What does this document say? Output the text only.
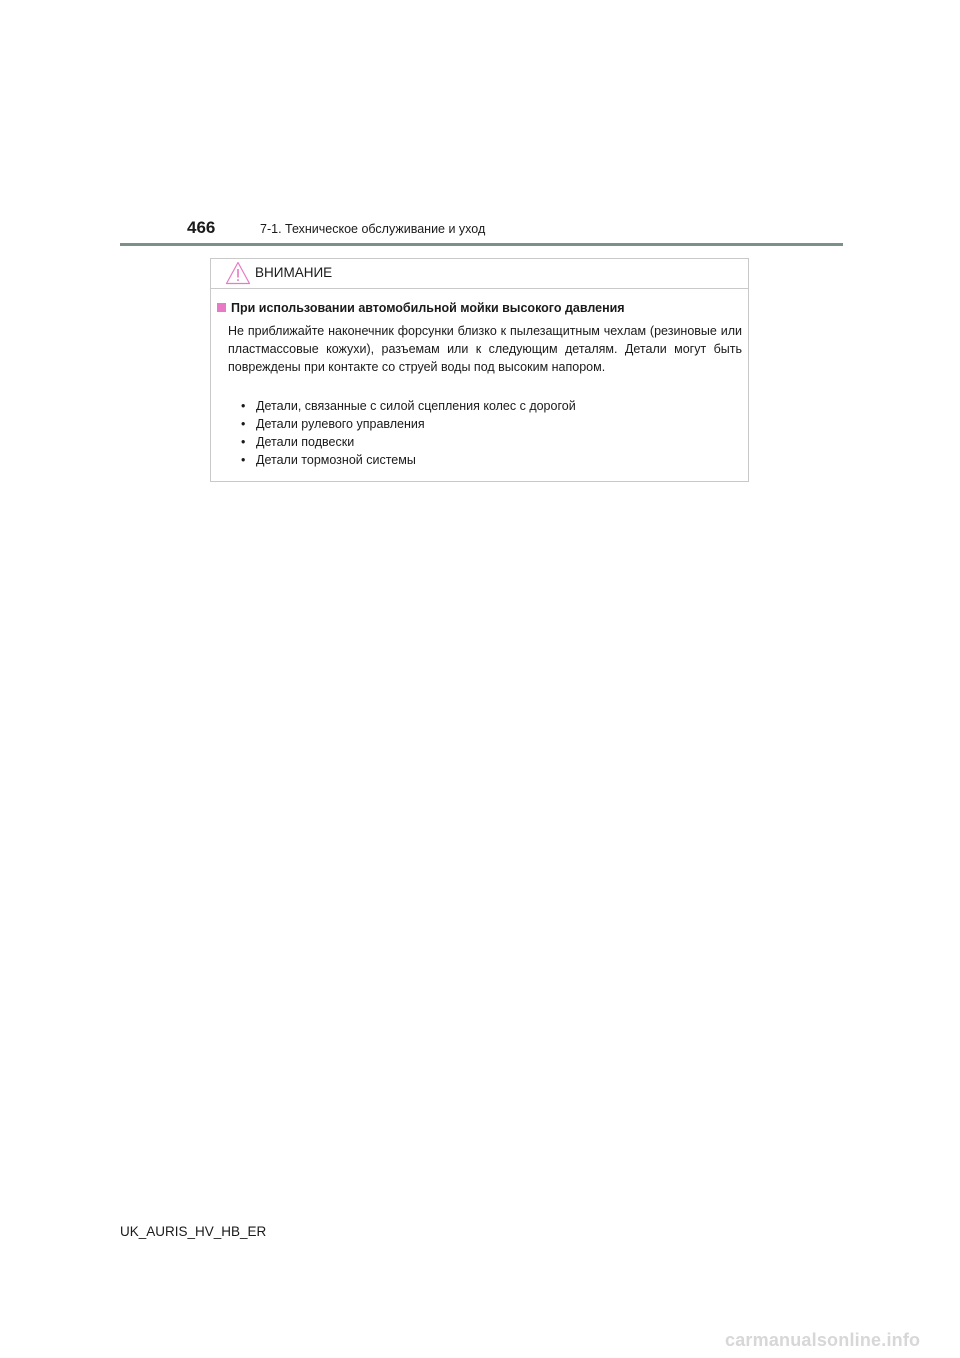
466	7-1. Техническое обслуживание и уход
ВНИМАНИЕ
При использовании автомобильной мойки высокого давления

Не приближайте наконечник форсунки близко к пылезащитным чехлам (резиновые или пластмассовые кожухи), разъемам или к следующим деталям. Детали могут быть повреждены при контакте со струей воды под высоким напором.

• Детали, связанные с силой сцепления колес с дорогой
• Детали рулевого управления
• Детали подвески
• Детали тормозной системы
UK_AURIS_HV_HB_ER
carmanualsonline.info
